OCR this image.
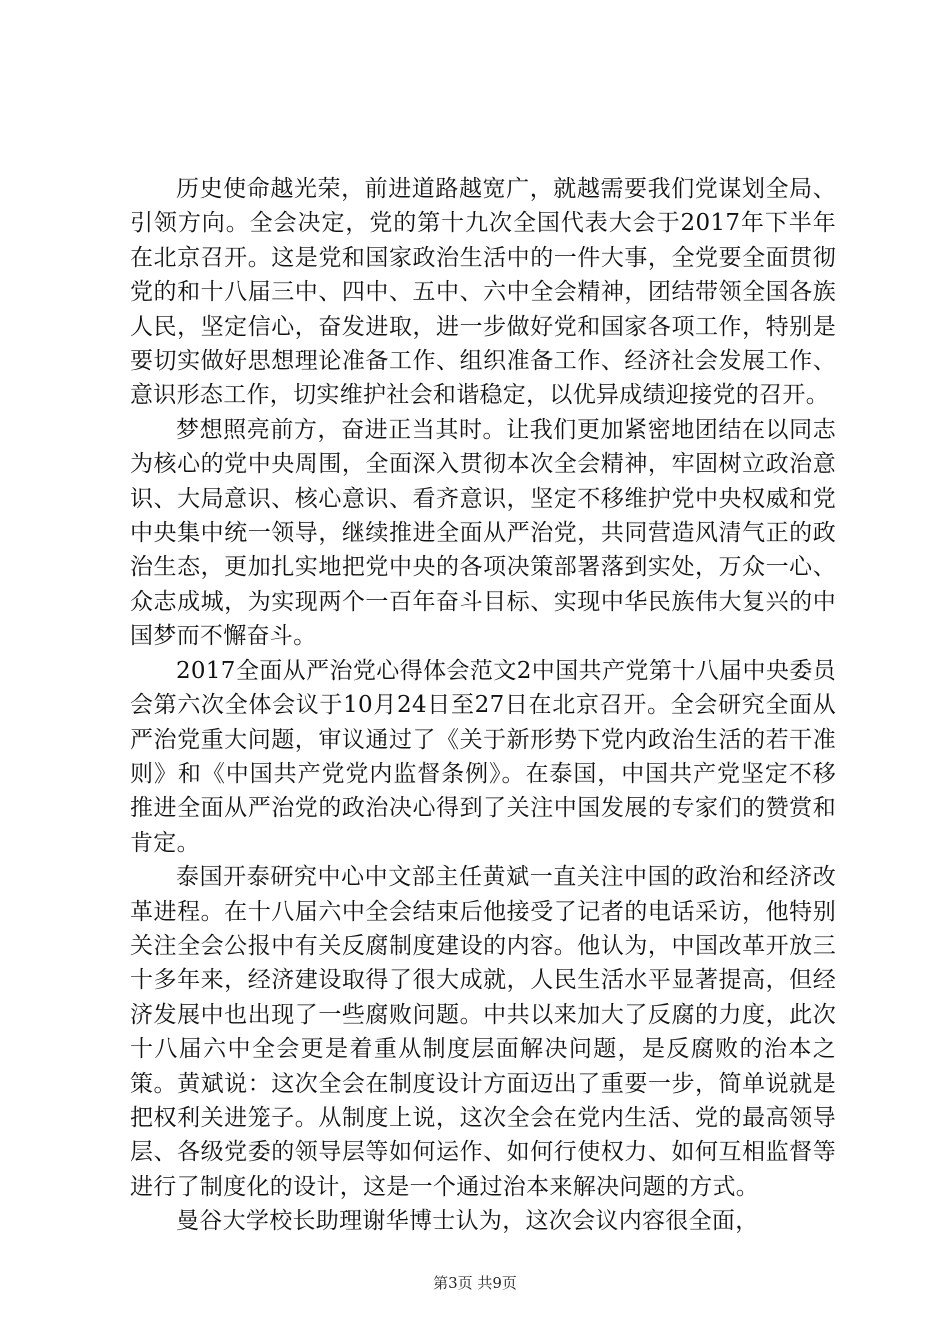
历史使命越光荣，前进道路越宽广，就越需要我们党谋划全局、引领方向。全会决定，党的第十九次全国代表大会于2017年下半年在北京召开。这是党和国家政治生活中的一件大事，全党要全面贯彻党的和十八届三中、四中、五中、六中全会精神，团结带领全国各族人民，坚定信心，奋发进取，进一步做好党和国家各项工作，特别是要切实做好思想理论准备工作、组织准备工作、经济社会发展工作、意识形态工作，切实维护社会和谐稳定，以优异成绩迎接党的召开。

梦想照亮前方，奋进正当其时。让我们更加紧密地团结在以同志为核心的党中央周围，全面深入贯彻本次全会精神，牢固树立政治意识、大局意识、核心意识、看齐意识，坚定不移维护党中央权威和党中央集中统一领导，继续推进全面从严治党，共同营造风清气正的政治生态，更加扎实地把党中央的各项决策部署落到实处，万众一心、众志成城，为实现两个一百年奋斗目标、实现中华民族伟大复兴的中国梦而不懈奋斗。

2017全面从严治党心得体会范文2中国共产党第十八届中央委员会第六次全体会议于10月24日至27日在北京召开。全会研究全面从严治党重大问题，审议通过了《关于新形势下党内政治生活的若干准则》和《中国共产党党内监督条例》。在泰国，中国共产党坚定不移推进全面从严治党的政治决心得到了关注中国发展的专家们的赞赏和肯定。

泰国开泰研究中心中文部主任黄斌一直关注中国的政治和经济改革进程。在十八届六中全会结束后他接受了记者的电话采访，他特别关注全会公报中有关反腐制度建设的内容。他认为，中国改革开放三十多年来，经济建设取得了很大成就，人民生活水平显著提高，但经济发展中也出现了一些腐败问题。中共以来加大了反腐的力度，此次十八届六中全会更是着重从制度层面解决问题，是反腐败的治本之策。黄斌说：这次全会在制度设计方面迈出了重要一步，简单说就是把权利关进笼子。从制度上说，这次全会在党内生活、党的最高领导层、各级党委的领导层等如何运作、如何行使权力、如何互相监督等进行了制度化的设计，这是一个通过治本来解决问题的方式。

曼谷大学校长助理谢华博士认为，这次会议内容很全面，

第3页 共9页
